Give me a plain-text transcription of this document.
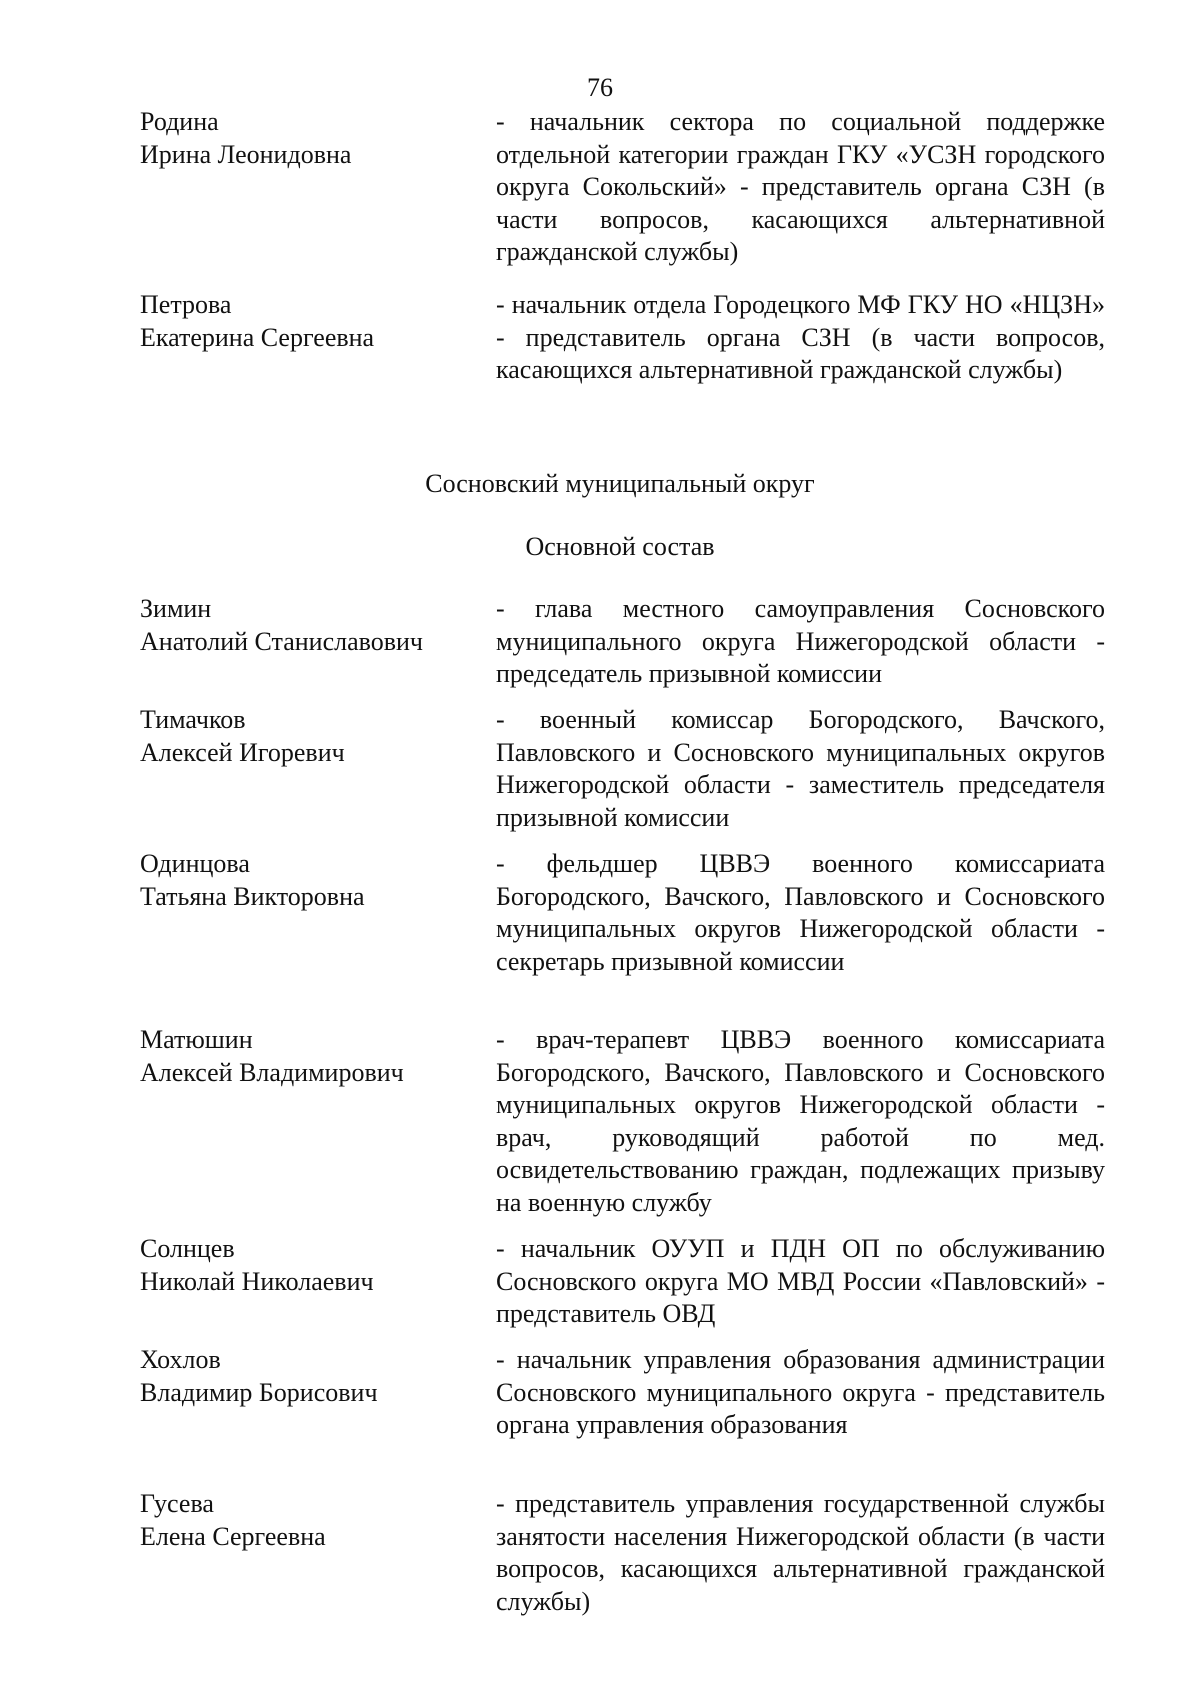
76
Родина
Ирина Леонидовна
- начальник сектора по социальной поддержке отдельной категории граждан ГКУ «УСЗН городского округа Сокольский» - представитель органа СЗН (в части вопросов, касающихся альтернативной гражданской службы)
Петрова
Екатерина Сергеевна
- начальник отдела Городецкого МФ ГКУ НО «НЦЗН» - представитель органа СЗН (в части вопросов, касающихся альтернативной гражданской службы)
Сосновский муниципальный округ
Основной состав
Зимин
Анатолий Станиславович
- глава местного самоуправления Сосновского муниципального округа Нижегородской области - председатель призывной комиссии
Тимачков
Алексей Игоревич
- военный комиссар Богородского, Вачского, Павловского и Сосновского муниципальных округов Нижегородской области - заместитель председателя призывной комиссии
Одинцова
Татьяна Викторовна
- фельдшер ЦВВЭ военного комиссариата Богородского, Вачского, Павловского и Сосновского муниципальных округов Нижегородской области - секретарь призывной комиссии
Матюшин
Алексей Владимирович
- врач-терапевт ЦВВЭ военного комиссариата Богородского, Вачского, Павловского и Сосновского муниципальных округов Нижегородской области - врач, руководящий работой по мед. освидетельствованию граждан, подлежащих призыву на военную службу
Солнцев
Николай Николаевич
- начальник ОУУП и ПДН ОП по обслуживанию Сосновского округа МО МВД России «Павловский» - представитель ОВД
Хохлов
Владимир Борисович
- начальник управления образования администрации Сосновского муниципального округа - представитель органа управления образования
Гусева
Елена Сергеевна
- представитель управления государственной службы занятости населения Нижегородской области (в части вопросов, касающихся альтернативной гражданской службы)
